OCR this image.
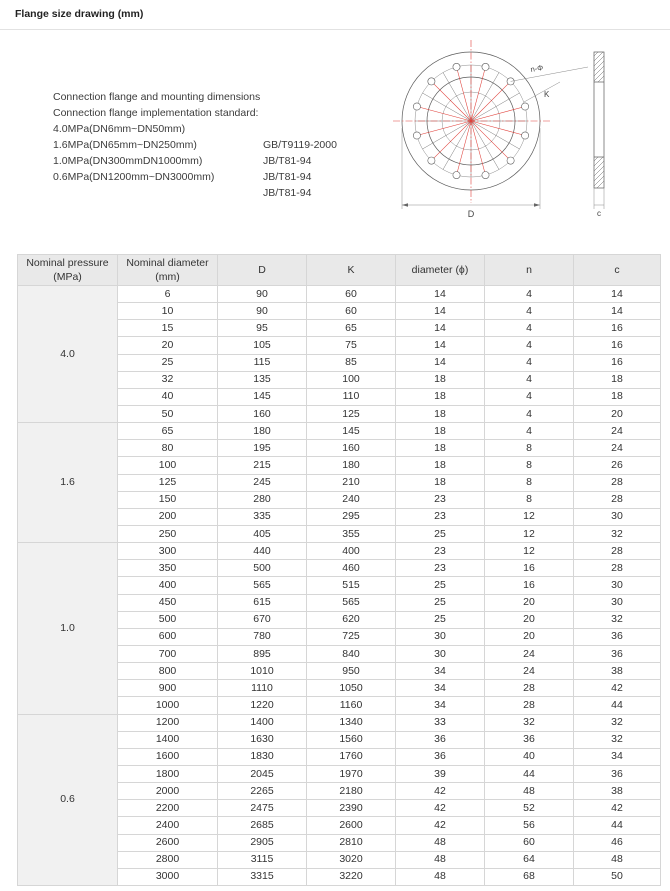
Flange size drawing (mm)
Connection flange and mounting dimensions
Connection flange implementation standard:
4.0MPa(DN6mm~DN50mm)
1.6MPa(DN65mm~DN250mm)
1.0MPa(DN300mmDN1000mm)
0.6MPa(DN1200mm~DN3000mm)
GB/T9119-2000
JB/T81-94
JB/T81-94
JB/T81-94
n-Φ
K
D	c
Nominal pressure
(MPa)
Nominal diameter
(mm)
D	K	diameter (ϕ)	n	c
4.0
6	90	60	14	4	14
10	90	60	14	4	14
15	95	65	14	4	16
20	105	75	14	4	16
25	115	85	14	4	16
32	135	100	18	4	18
40	145	110	18	4	18
50	160	125	18	4	20
1.6
65	180	145	18	4	24
80	195	160	18	8	24
100	215	180	18	8	26
125	245	210	18	8	28
150	280	240	23	8	28
200	335	295	23	12	30
250	405	355	25	12	32
1.0
300	440	400	23	12	28
350	500	460	23	16	28
400	565	515	25	16	30
450	615	565	25	20	30
500	670	620	25	20	32
600	780	725	30	20	36
700	895	840	30	24	36
800	1010	950	34	24	38
900	1110	1050	34	28	42
1000	1220	1160	34	28	44
0.6
1200	1400	1340	33	32	32
1400	1630	1560	36	36	32
1600	1830	1760	36	40	34
1800	2045	1970	39	44	36
2000	2265	2180	42	48	38
2200	2475	2390	42	52	42
2400	2685	2600	42	56	44
2600	2905	2810	48	60	46
2800	3115	3020	48	64	48
3000	3315	3220	48	68	50
